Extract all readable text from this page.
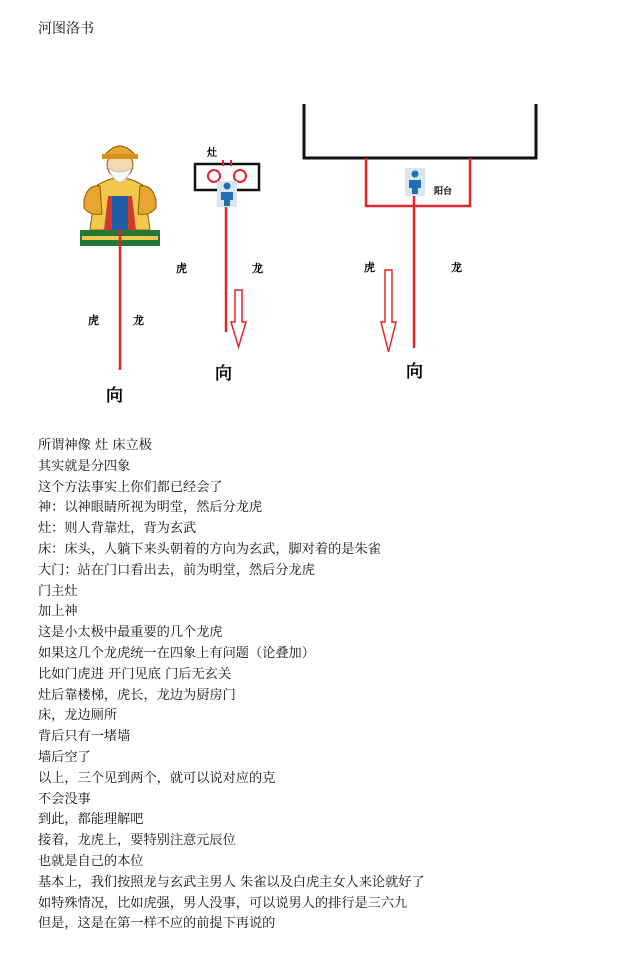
河图洛书
虎	龙
向
灶
虎	龙
向
阳台
虎	龙
向
所谓神像 灶 床立极
其实就是分四象
这个方法事实上你们都已经会了
神：以神眼睛所视为明堂，然后分龙虎
灶：则人背靠灶，背为玄武
床：床头，人躺下来头朝着的方向为玄武，脚对着的是朱雀
大门：站在门口看出去，前为明堂，然后分龙虎
门主灶
加上神
这是小太极中最重要的几个龙虎
如果这几个龙虎统一在四象上有问题（论叠加）
比如门虎进 开门见底 门后无玄关
灶后靠楼梯，虎长，龙边为厨房门
床，龙边厕所
背后只有一堵墙
墙后空了
以上，三个见到两个，就可以说对应的克
不会没事
到此，都能理解吧
接着，龙虎上，要特别注意元辰位
也就是自己的本位
基本上，我们按照龙与玄武主男人 朱雀以及白虎主女人来论就好了
如特殊情况，比如虎强，男人没事，可以说男人的排行是三六九
但是，这是在第一样不应的前提下再说的
